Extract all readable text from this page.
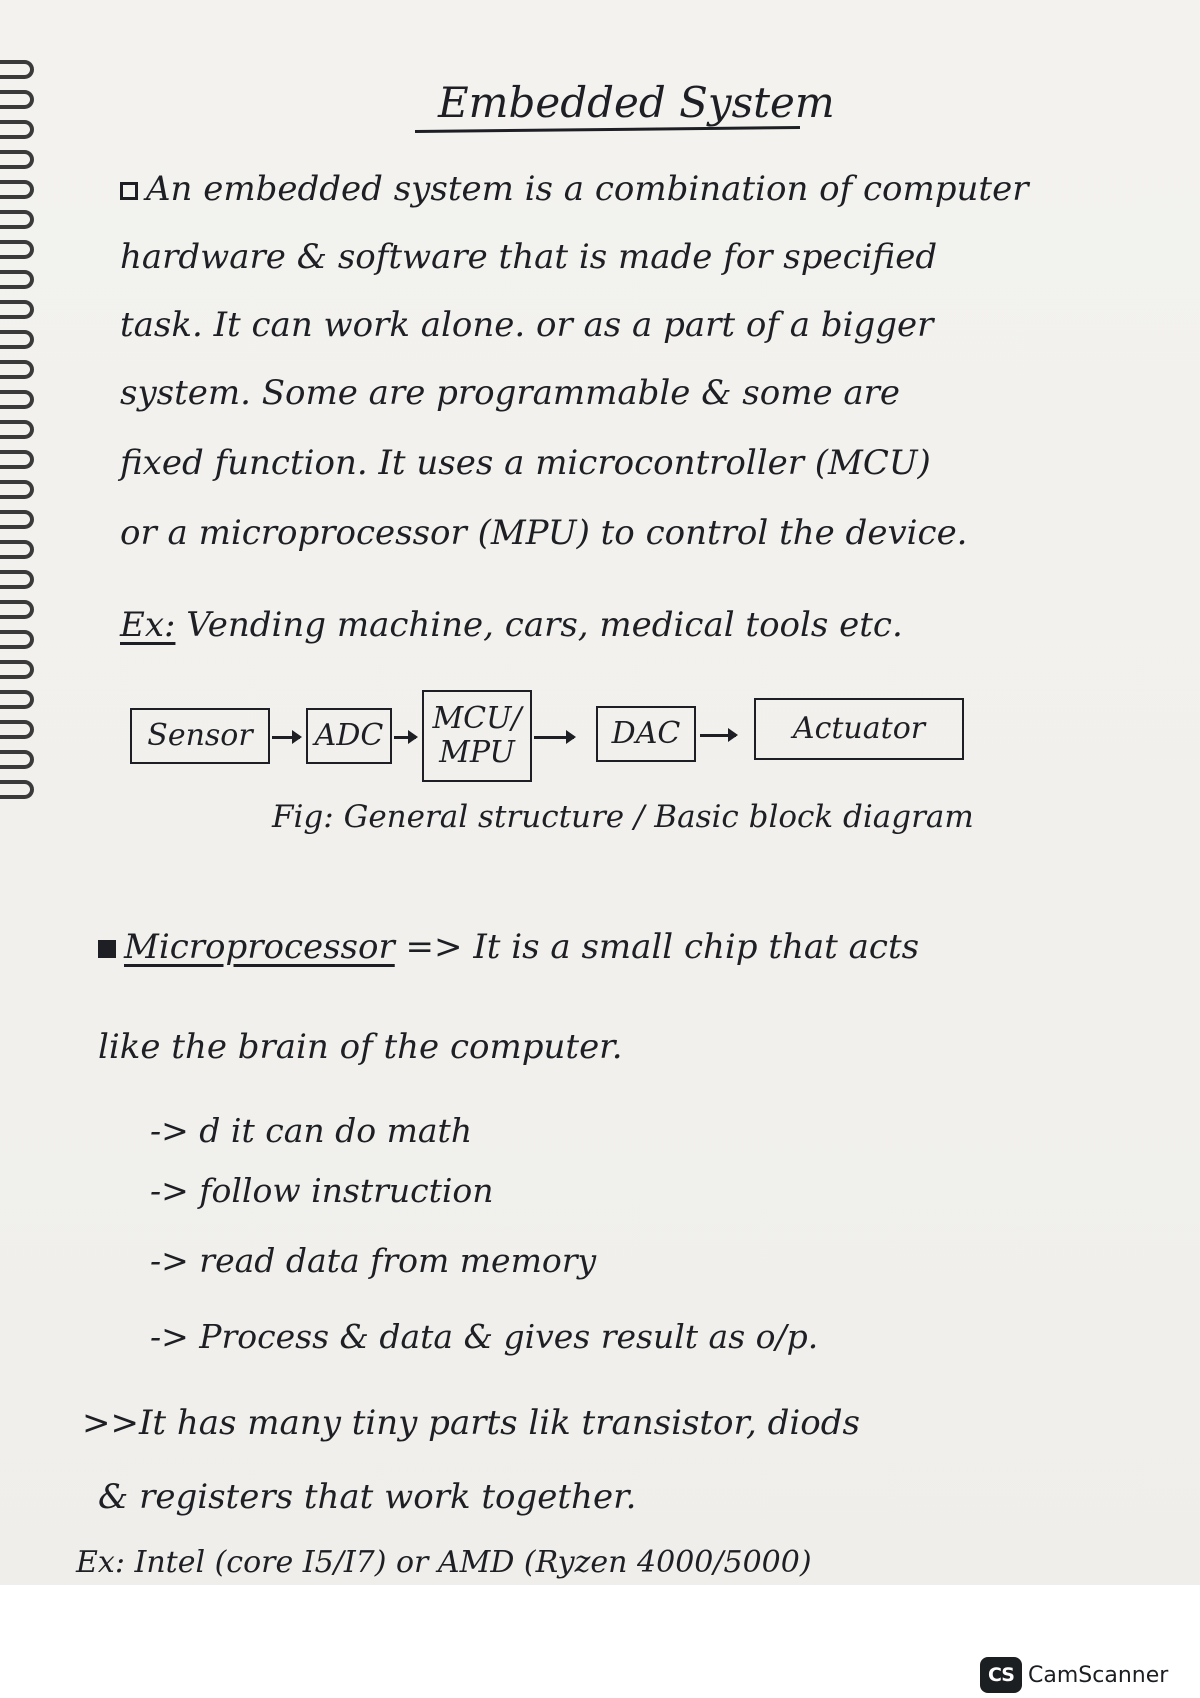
Embedded System
An embedded system is a combination of computer
hardware & software that is made for specified
task. It can work alone. or as a part of a bigger
system. Some are programmable & some are
fixed function. It uses a microcontroller (MCU)
or a microprocessor (MPU) to control the device.
Ex: Vending machine, cars, medical tools etc.
Sensor	ADC	MCU/
MPU
DAC	Actuator
Fig: General structure / Basic block diagram
Microprocessor => It is a small chip that acts
like the brain of the computer.
-> d it can do math
-> follow instruction
-> read data from memory
-> Process & data & gives result as o/p.
>>It has many tiny parts lik transistor, diods
& registers that work together.
Ex: Intel (core I5/I7) or AMD (Ryzen 4000/5000)
CS CamScanner
